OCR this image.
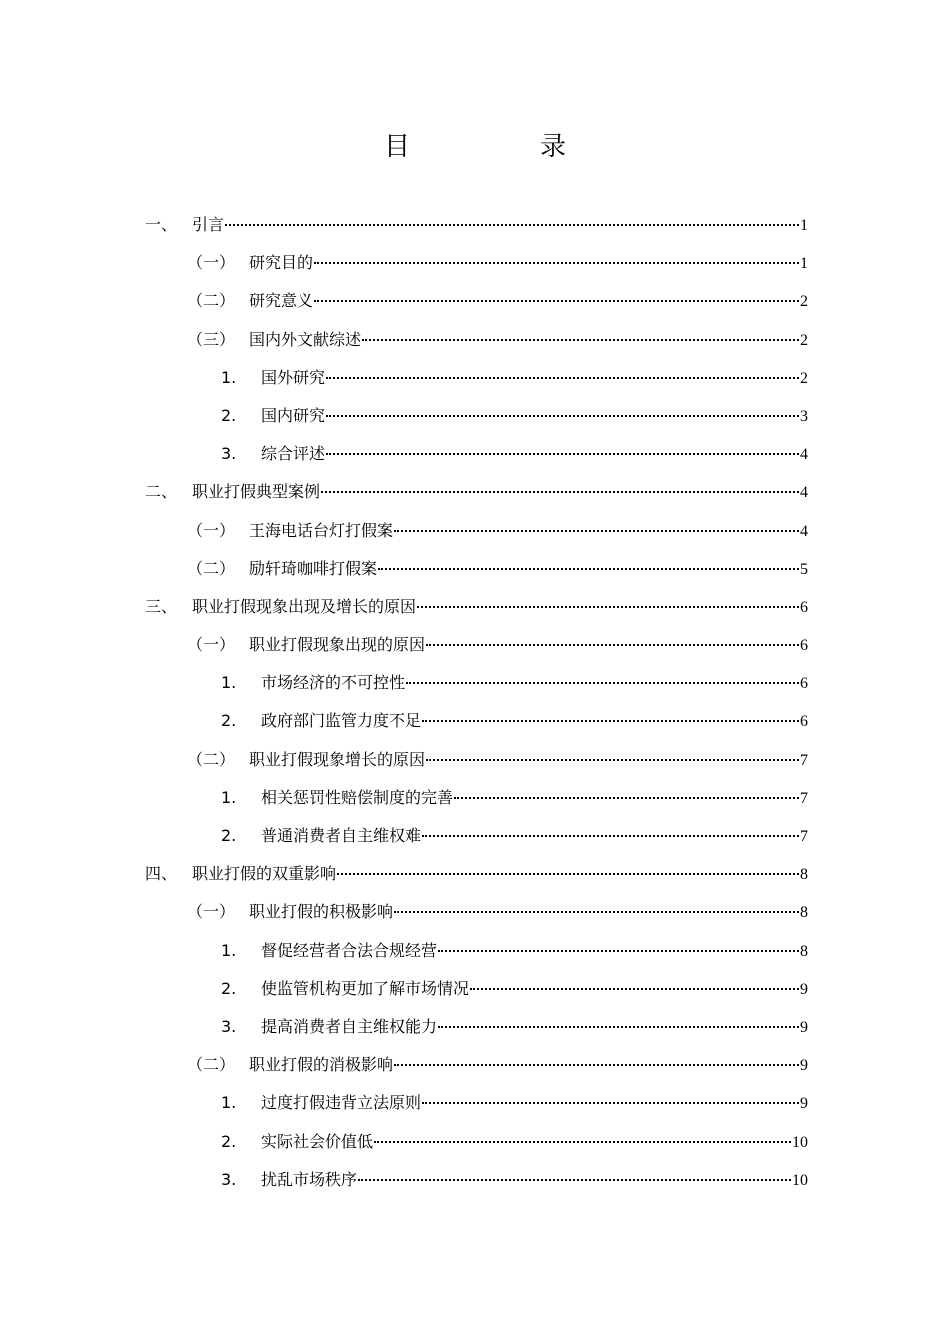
目　录
一、 引言	1
（一） 研究目的	1
（二） 研究意义	2
（三） 国内外文献综述	2
1.	国外研究	2
2.	国内研究	3
3.	综合评述	4
二、 职业打假典型案例	4
（一） 王海电话台灯打假案	4
（二） 励轩琦咖啡打假案	5
三、 职业打假现象出现及增长的原因	6
（一） 职业打假现象出现的原因	6
1.	市场经济的不可控性	6
2.	政府部门监管力度不足	6
（二） 职业打假现象增长的原因	7
1.	相关惩罚性赔偿制度的完善	7
2.	普通消费者自主维权难	7
四、 职业打假的双重影响	8
（一） 职业打假的积极影响	8
1.	督促经营者合法合规经营	8
2.	使监管机构更加了解市场情况	9
3.	提高消费者自主维权能力	9
（二） 职业打假的消极影响	9
1.	过度打假违背立法原则	9
2.	实际社会价值低	10
3.	扰乱市场秩序	10
